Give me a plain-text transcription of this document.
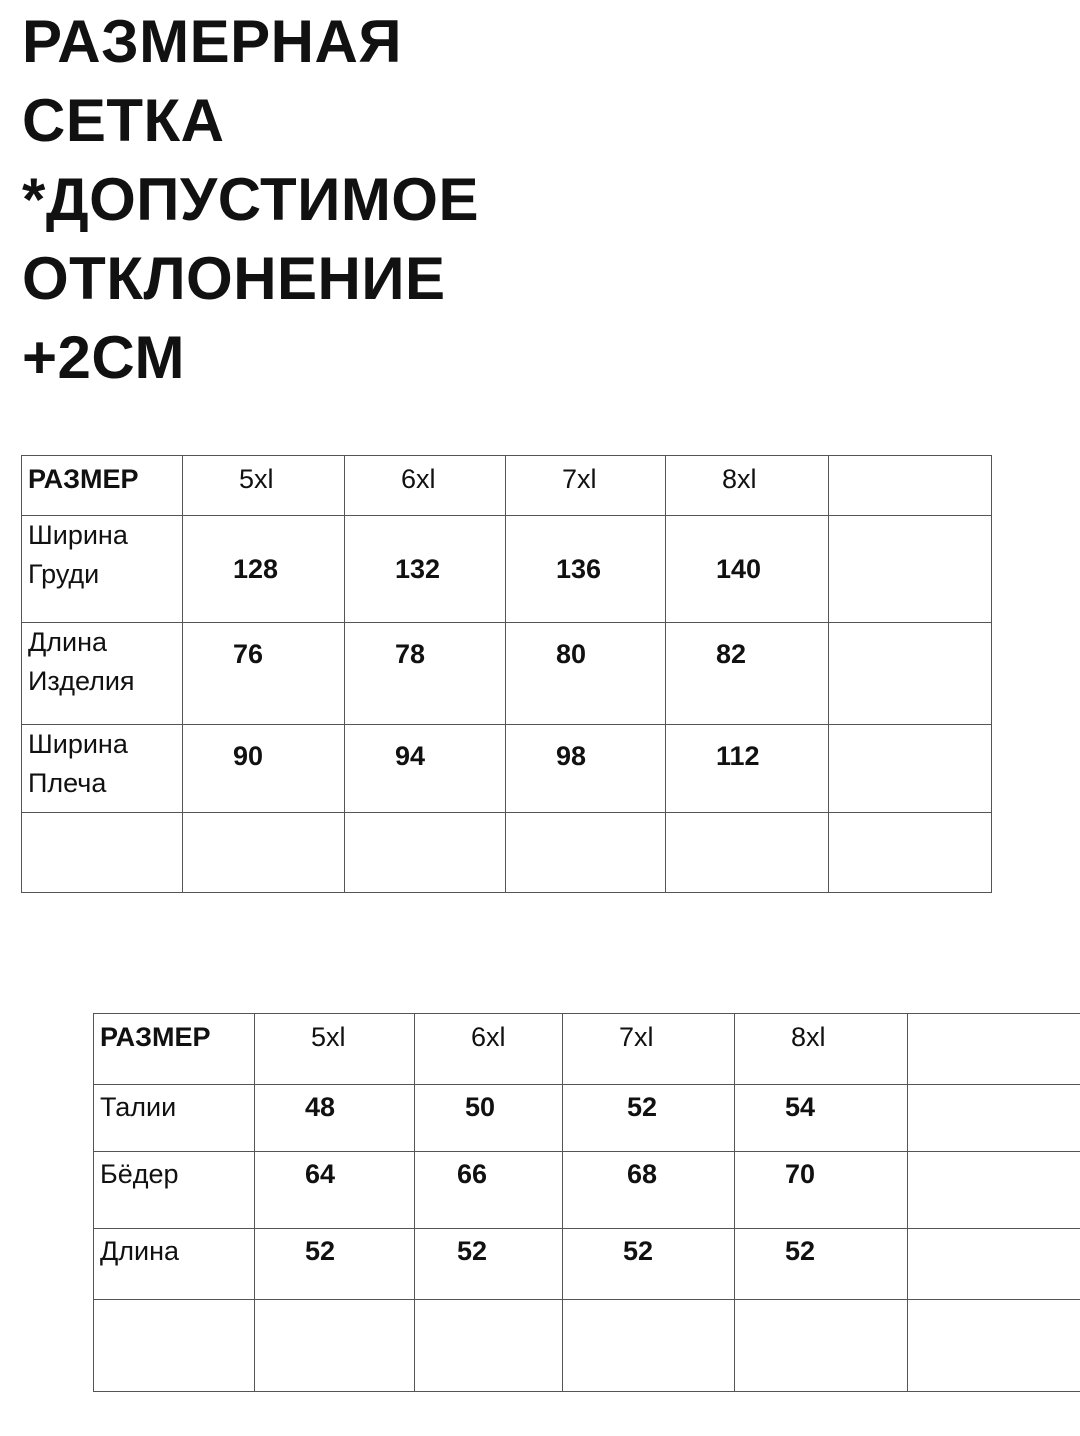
РАЗМЕРНАЯ
СЕТКА
*ДОПУСТИМОЕ
ОТКЛОНЕНИЕ
+2СМ
РАЗМЕР	5xl	6xl	7xl	8xl	

Ширина
Груди	128	132	136	140	

Длина
Изделия	76	78	80	82	

Ширина
Плеча	90	94	98	112	

РАЗМЕР	5xl	6xl	7xl	8xl	
Талии	48	50	52	54	
Бёдер	64	66	68	70	
Длина	52	52	52	52	
